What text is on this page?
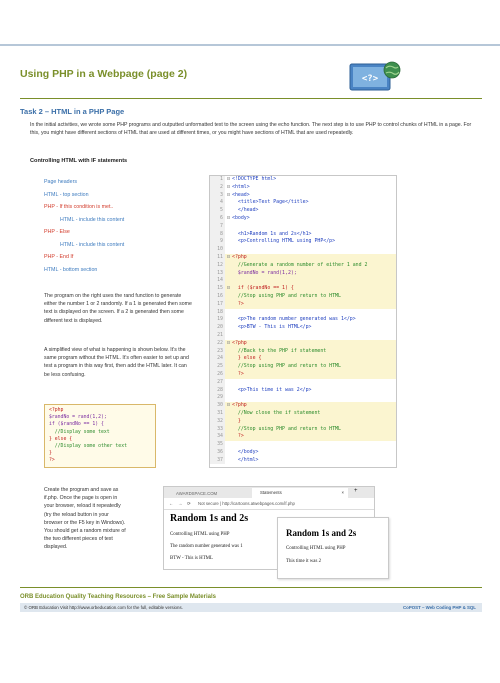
Using PHP in a Webpage (page 2)	<?>
Task 2 – HTML in a PHP Page
In the initial activities, we wrote some PHP programs and outputted unformatted text to the screen using the echo function. The next step is to use PHP to control chunks of HTML in a page. For this, you might have different sections of HTML that are used at different times, or you might have sections of HTML that are used repeatedly.
Controlling HTML with IF statements
Page headers
HTML - top section
PHP - If this condition is met..
HTML - include this content
PHP - Else
HTML - include this content
PHP - End If
HTML - bottom section
The program on the right uses the rand function to generate either the number 1 or 2 randomly. If a 1 is generated then some text is displayed on the screen. If a 2 is generated then some different text is displayed.
A simplified view of what is happening is shown below. It’s the same program without the HTML. It’s often easier to set up and test a program in this way first, then add the HTML later. It can be less confusing.
<?php
$randNo = rand(1,2);
if ($randNo == 1) {
//Display some text
} else {
//Display some other text
}
?>
1 ⊟ <!DOCTYPE html>
2 ⊟ <html>
3 ⊟ <head>
4  <title>Test Page</title>
5  </head>
6 ⊟ <body>
7
8  <h1>Random 1s and 2s</h1>
9  <p>Controlling HTML using PHP</p>
10
11 ⊟ <?php
12  //Generate a random number of either 1 and 2
13  $randNo = rand(1,2);
14
15 ⊟  if ($randNo == 1) {
16  //Stop using PHP and return to HTML
17  ?>
18
19  <p>The random number generated was 1</p>
20  <p>BTW - This is HTML</p>
21
22 ⊟ <?php
23  //Back to the PHP if statement
24  } else {
25  //Stop using PHP and return to HTML
26  ?>
27
28  <p>This time it was 2</p>
29
30 ⊟ <?php
31  //Now close the if statement
32  }
33  //Stop using PHP and return to HTML
34  ?>
35
36  </body>
37  </html>
Create the program and save as if.php. Once the page is open in your browser, reload it repeatedly (try the reload button in your browser or the F5 key in Windows). You should get a random mixture of the two different pieces of text displayed.
AWARDSPACE.COM	Statements	× +
← → ⟳ Not secure | http://cartoons.atwebpages.com/if.php
Random 1s and 2s
Controlling HTML using PHP
The random number generated was 1
BTW - This is HTML
Random 1s and 2s
Controlling HTML using PHP
This time it was 2
ORB Education Quality Teaching Resources – Free Sample Materials
© ORB Education Visit http://www.orbeducation.com for the full, editable versions.	CoPOST – Web Coding PHP & SQL
